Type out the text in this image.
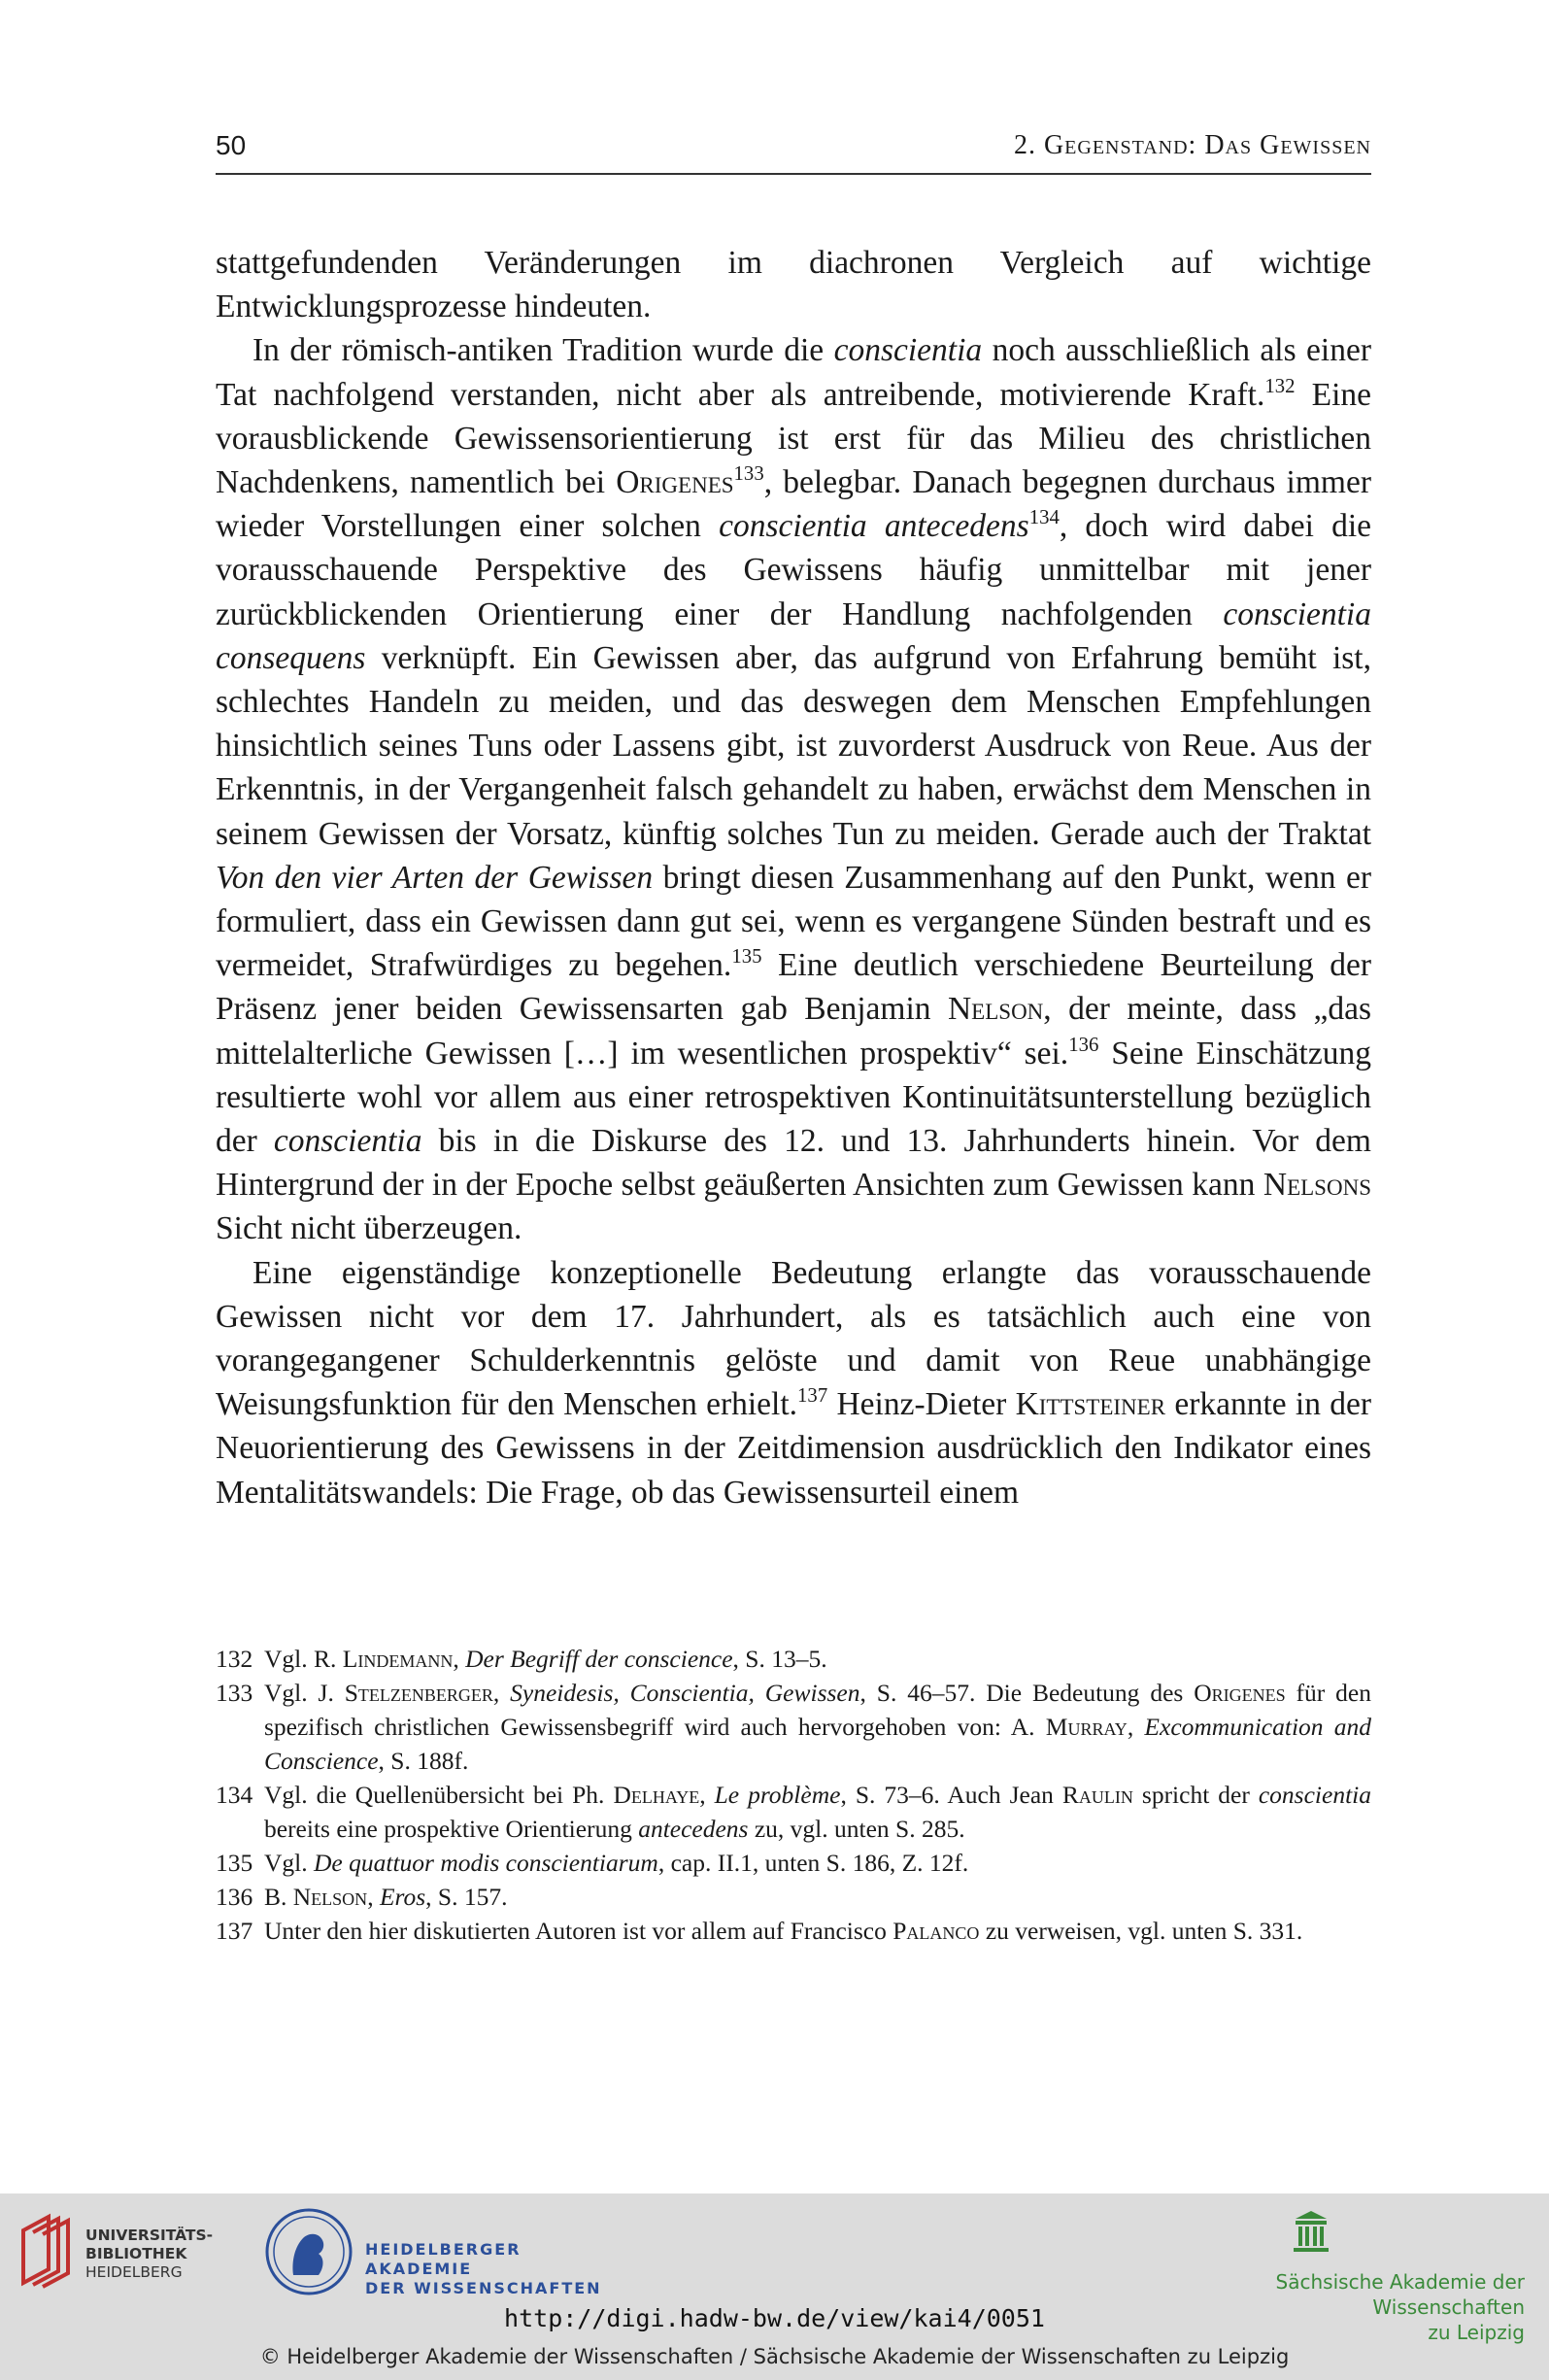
50	2. Gegenstand: Das Gewissen

stattgefundenden Veränderungen im diachronen Vergleich auf wichtige Entwicklungsprozesse hindeuten.

In der römisch-antiken Tradition wurde die conscientia noch ausschließlich als einer Tat nachfolgend verstanden, nicht aber als antreibende, motivierende Kraft.$^{132}$ Eine vorausblickende Gewissensorientierung ist erst für das Milieu des christlichen Nachdenkens, namentlich bei Origenes$^{133}$, belegbar. Danach begegnen durchaus immer wieder Vorstellungen einer solchen conscientia antecedens$^{134}$, doch wird dabei die vorausschauende Perspektive des Gewissens häufig unmittelbar mit jener zurückblickenden Orientierung einer der Handlung nachfolgenden conscientia consequens verknüpft. Ein Gewissen aber, das aufgrund von Erfahrung bemüht ist, schlechtes Handeln zu meiden, und das deswegen dem Menschen Empfehlungen hinsichtlich seines Tuns oder Lassens gibt, ist zuvorderst Ausdruck von Reue. Aus der Erkenntnis, in der Vergangenheit falsch gehandelt zu haben, erwächst dem Menschen in seinem Gewissen der Vorsatz, künftig solches Tun zu meiden. Gerade auch der Traktat Von den vier Arten der Gewissen bringt diesen Zusammenhang auf den Punkt, wenn er formuliert, dass ein Gewissen dann gut sei, wenn es vergangene Sünden bestraft und es vermeidet, Strafwürdiges zu begehen.$^{135}$ Eine deutlich verschiedene Beurteilung der Präsenz jener beiden Gewissensarten gab Benjamin Nelson, der meinte, dass „das mittelalterliche Gewissen […] im wesentlichen prospektiv“ sei.$^{136}$ Seine Einschätzung resultierte wohl vor allem aus einer retrospektiven Kontinuitätsunterstellung bezüglich der conscientia bis in die Diskurse des 12. und 13. Jahrhunderts hinein. Vor dem Hintergrund der in der Epoche selbst geäußerten Ansichten zum Gewissen kann Nelsons Sicht nicht überzeugen.

Eine eigenständige konzeptionelle Bedeutung erlangte das vorausschauende Gewissen nicht vor dem 17. Jahrhundert, als es tatsächlich auch eine von vorangegangener Schulderkenntnis gelöste und damit von Reue unabhängige Weisungsfunktion für den Menschen erhielt.$^{137}$ Heinz-Dieter Kittsteiner erkannte in der Neuorientierung des Gewissens in der Zeitdimension ausdrücklich den Indikator eines Mentalitätswandels: Die Frage, ob das Gewissensurteil einem

132 Vgl. R. Lindemann, Der Begriff der conscience, S. 13–5.
133 Vgl. J. Stelzenberger, Syneidesis, Conscientia, Gewissen, S. 46–57. Die Bedeutung des Origenes für den spezifisch christlichen Gewissensbegriff wird auch hervorgehoben von: A. Murray, Excommunication and Conscience, S. 188f.
134 Vgl. die Quellenübersicht bei Ph. Delhaye, Le problème, S. 73–6. Auch Jean Raulin spricht der conscientia bereits eine prospektive Orientierung antecedens zu, vgl. unten S. 285.
135 Vgl. De quattuor modis conscientiarum, cap. II.1, unten S. 186, Z. 12f.
136 B. Nelson, Eros, S. 157.
137 Unter den hier diskutierten Autoren ist vor allem auf Francisco Palanco zu verweisen, vgl. unten S. 331.
UNIVERSITÄTS-
BIBLIOTHEK
HEIDELBERG
HEIDELBERGER AKADEMIE
DER WISSENSCHAFTEN	Sächsische Akademie der Wissenschaften
zu Leipzig
http://digi.hadw-bw.de/view/kai4/0051
© Heidelberger Akademie der Wissenschaften / Sächsische Akademie der Wissenschaften zu Leipzig
